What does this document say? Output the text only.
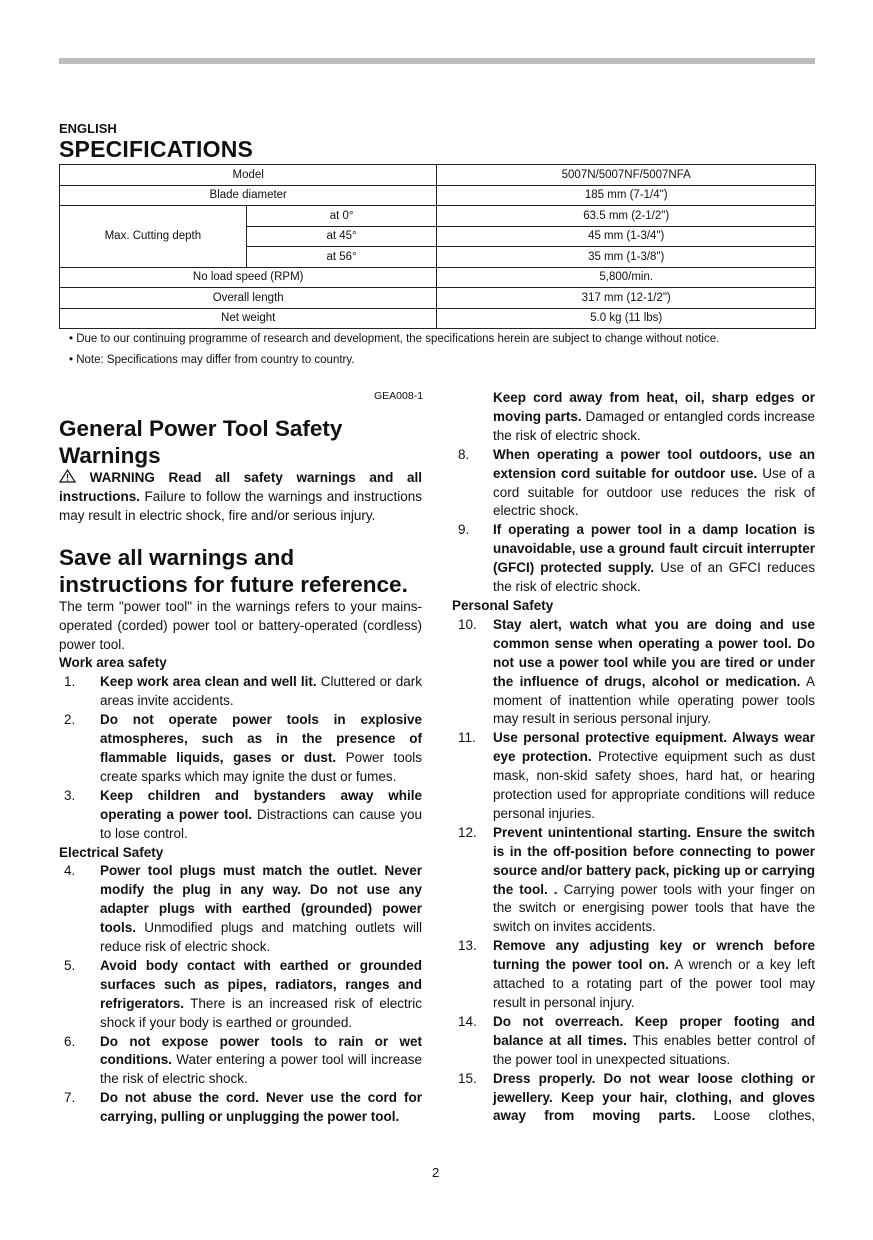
ENGLISH
SPECIFICATIONS
Model		5007N/5007NF/5007NFA
Blade diameter		185 mm (7-1/4")
Max. Cutting depth	at 0°	63.5 mm (2-1/2")
	at 45°	45 mm (1-3/4")
	at 56°	35 mm (1-3/8")
No load speed (RPM)		5,800/min.
Overall length		317 mm (12-1/2")
Net weight		5.0 kg (11 lbs)
• Due to our continuing programme of research and development, the specifications herein are subject to change without notice.
• Note: Specifications may differ from country to country.
GEA008-1
General Power Tool Safety Warnings
WARNING Read all safety warnings and all instructions. Failure to follow the warnings and instructions may result in electric shock, fire and/or serious injury.
Save all warnings and instructions for future reference.
The term "power tool" in the warnings refers to your mains-operated (corded) power tool or battery-operated (cordless) power tool.
Work area safety
1.	Keep work area clean and well lit. Cluttered or dark areas invite accidents.
2.	Do not operate power tools in explosive atmospheres, such as in the presence of flammable liquids, gases or dust. Power tools create sparks which may ignite the dust or fumes.
3.	Keep children and bystanders away while operating a power tool. Distractions can cause you to lose control.
Electrical Safety
4.	Power tool plugs must match the outlet. Never modify the plug in any way. Do not use any adapter plugs with earthed (grounded) power tools. Unmodified plugs and matching outlets will reduce risk of electric shock.
5.	Avoid body contact with earthed or grounded surfaces such as pipes, radiators, ranges and refrigerators. There is an increased risk of electric shock if your body is earthed or grounded.
6.	Do not expose power tools to rain or wet conditions. Water entering a power tool will increase the risk of electric shock.
7.	Do not abuse the cord. Never use the cord for carrying, pulling or unplugging the power tool.
Keep cord away from heat, oil, sharp edges or moving parts. Damaged or entangled cords increase the risk of electric shock.
8.	When operating a power tool outdoors, use an extension cord suitable for outdoor use. Use of a cord suitable for outdoor use reduces the risk of electric shock.
9.	If operating a power tool in a damp location is unavoidable, use a ground fault circuit interrupter (GFCI) protected supply. Use of an GFCI reduces the risk of electric shock.
Personal Safety
10.	Stay alert, watch what you are doing and use common sense when operating a power tool. Do not use a power tool while you are tired or under the influence of drugs, alcohol or medication. A moment of inattention while operating power tools may result in serious personal injury.
11.	Use personal protective equipment. Always wear eye protection. Protective equipment such as dust mask, non-skid safety shoes, hard hat, or hearing protection used for appropriate conditions will reduce personal injuries.
12.	Prevent unintentional starting. Ensure the switch is in the off-position before connecting to power source and/or battery pack, picking up or carrying the tool. . Carrying power tools with your finger on the switch or energising power tools that have the switch on invites accidents.
13.	Remove any adjusting key or wrench before turning the power tool on. A wrench or a key left attached to a rotating part of the power tool may result in personal injury.
14.	Do not overreach. Keep proper footing and balance at all times. This enables better control of the power tool in unexpected situations.
15.	Dress properly. Do not wear loose clothing or jewellery. Keep your hair, clothing, and gloves away from moving parts. Loose clothes,
2
